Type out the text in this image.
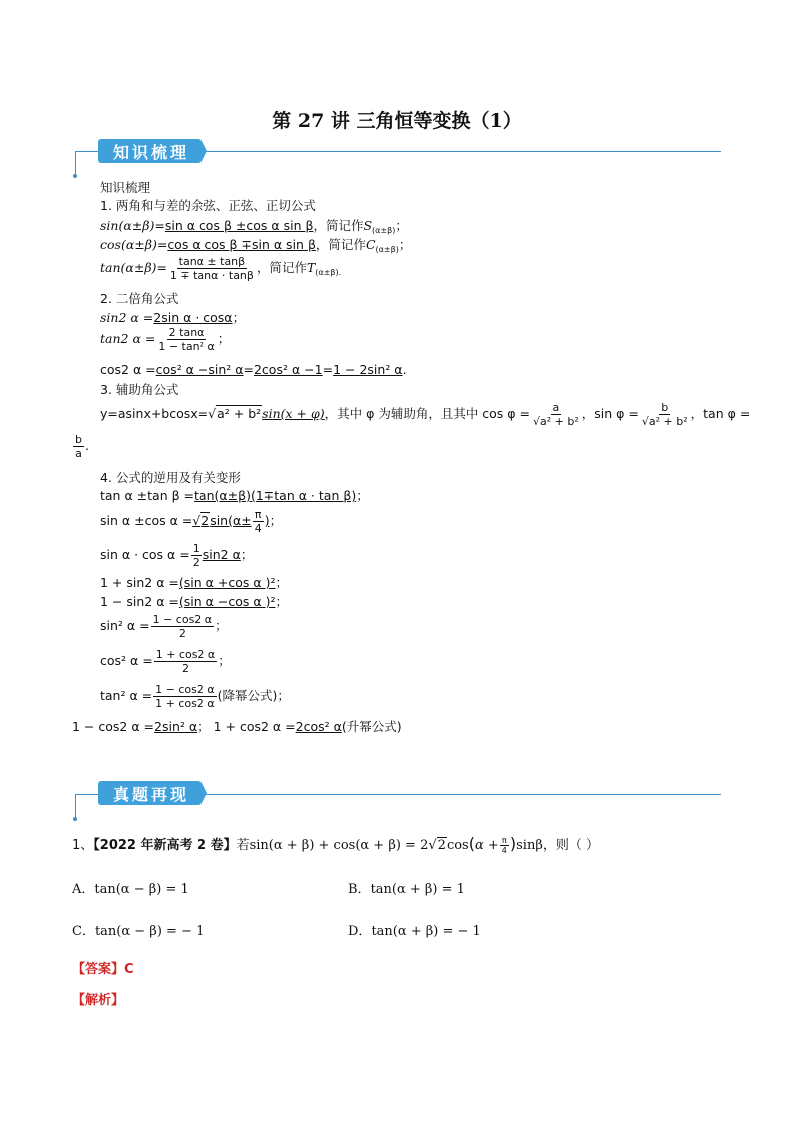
第 27 讲 三角恒等变换（1）
知识梳理
知识梳理
1. 两角和与差的余弦、正弦、正切公式
sin(α±β)=sin α cos β ±cos α sin β，简记作$S_{(\alpha\pm\beta)}$；
cos(α±β)=cos α cos β ∓sin α sin β，简记作$C_{(\alpha\pm\beta)}$；
$\tan(\alpha\pm\beta)= \frac{\tan\alpha \pm \tan\beta}{1 \mp \tan\alpha \cdot \tan\beta}$ ，简记作$T_{(\alpha\pm\beta).}$
2. 二倍角公式
sin2 α =2sin α · cosα；
tan2 $\alpha = \frac{2 \tan\alpha}{\text{1 − tan² α}}$ ；
cos2 α =cos² α −sin² α=2cos² α −1=1 − 2sin² α.
3. 辅助角公式
y=asinx+bcosx=√a² + b²sin(x + φ)，其中 φ 为辅助角，且其中 $\cos \varphi = \frac{a}{\text{√a² + b²}}$ ，$\sin \varphi = \frac{b}{\text{√a² + b²}}$ ，tan φ =
$\frac{b}{a}$ .
4. 公式的逆用及有关变形
tan α ±tan β =tan(α±β)(1∓tan α · tan β)；
sin α ±cos $\alpha =√2\sin(\alpha\pm \frac{\pi}{4}$ )；
$\sin \alpha \cdot \cos \alpha = \frac{1}{2} \sin 2$ α；
1 + sin2 α =(sin α +cos α )²；
1 − sin2 α =(sin α −cos α )²；
sin² $\alpha = \frac{1 - \cos 2 \alpha}{2}$ ；
cos² $\alpha = \frac{1 + \cos 2 \alpha}{2}$ ；
tan² $\alpha = \frac{1 - \cos 2 \alpha}{1 + \cos 2 \alpha}$ (降幂公式)；
1 − cos2 α =2sin² α； 1 + cos2 α =2cos² α(升幂公式)
真题再现
1、【2022 年新高考 2 卷】若$\sin(\alpha + \beta) + \cos(\alpha + \beta) = 2√2\cos(\alpha + \frac{\pi}{4} )\sin\beta$，则（ ）
A．tan(α − β) = 1	B．tan(α + β) = 1
C．tan(α − β) = − 1	D．tan(α + β) = − 1
【答案】C
【解析】
